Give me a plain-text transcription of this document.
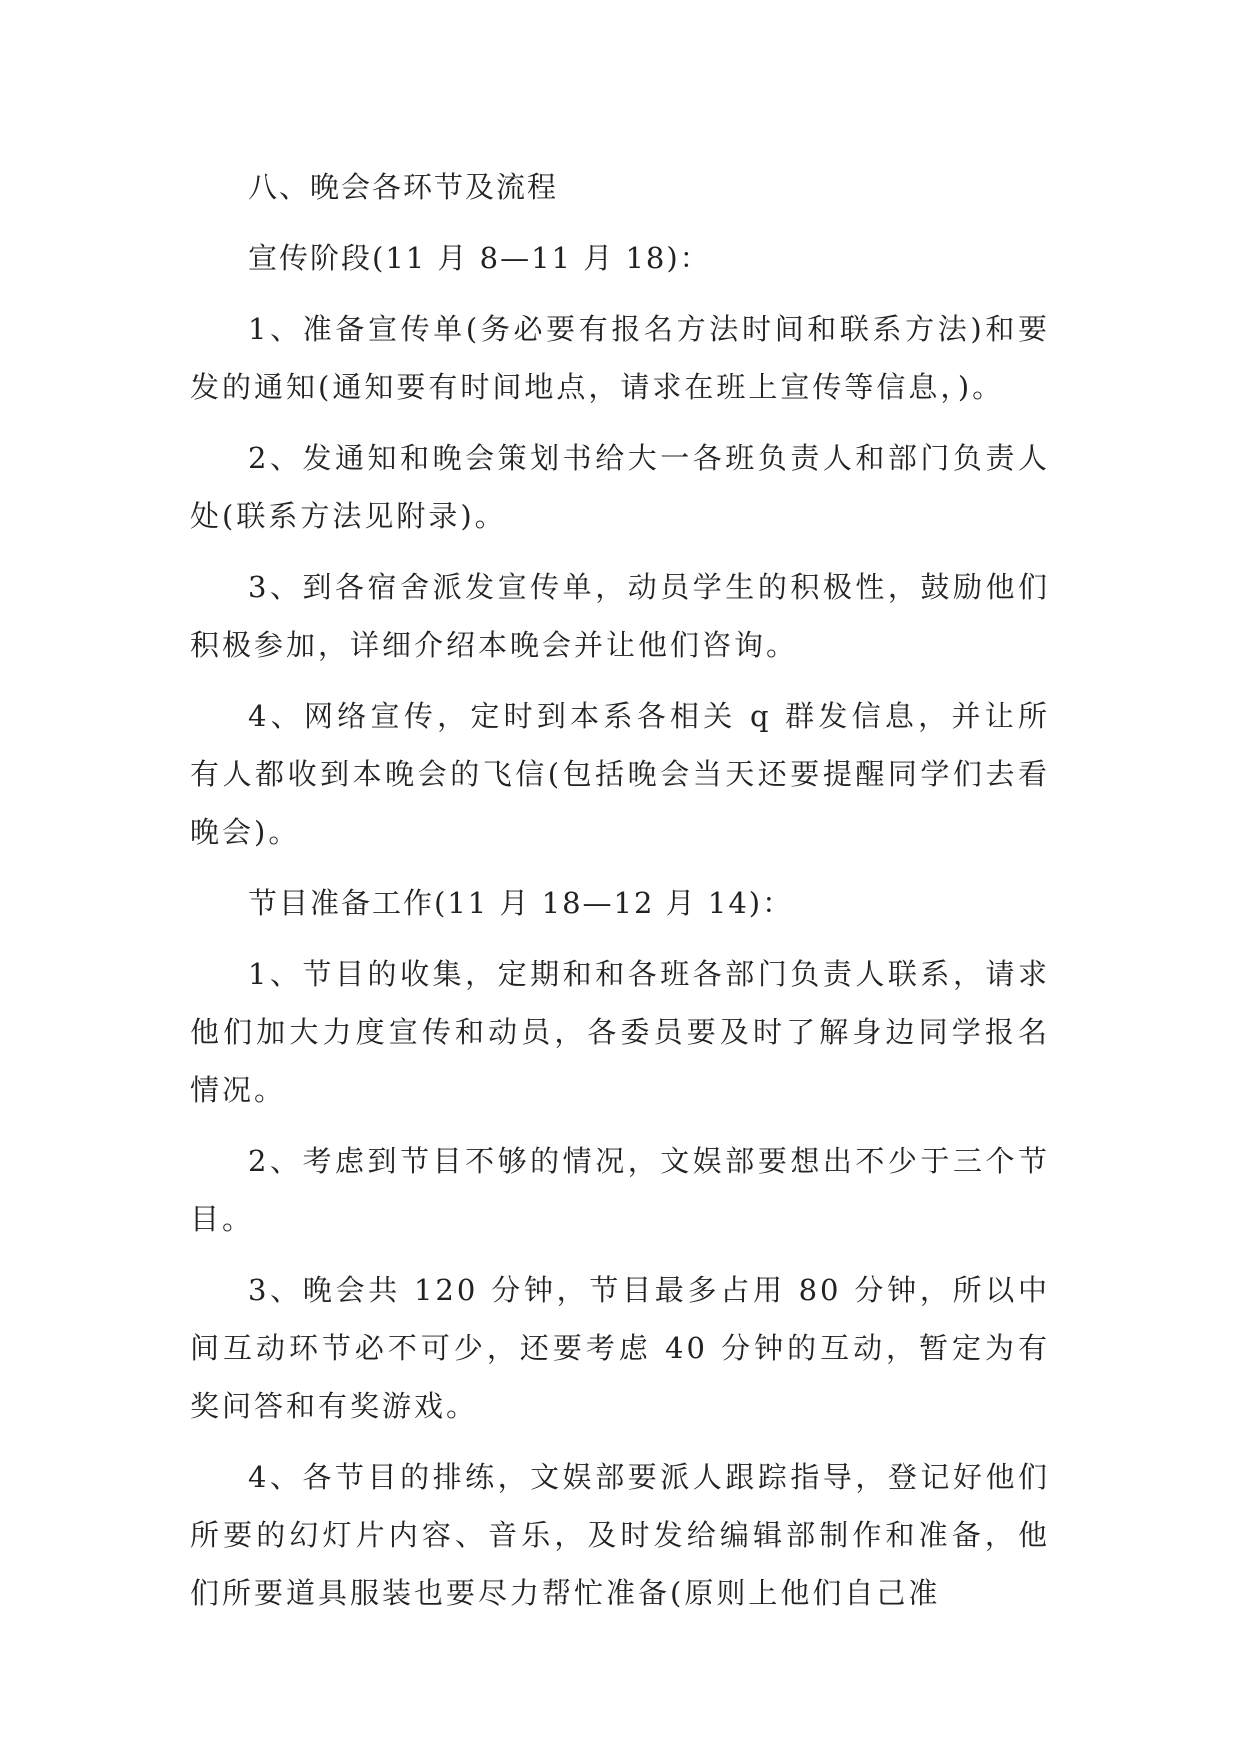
八、晚会各环节及流程

宣传阶段(11 月 8—11 月 18)：

1、准备宣传单(务必要有报名方法时间和联系方法)和要发的通知(通知要有时间地点，请求在班上宣传等信息，)。

2、发通知和晚会策划书给大一各班负责人和部门负责人处(联系方法见附录)。

3、到各宿舍派发宣传单，动员学生的积极性，鼓励他们积极参加，详细介绍本晚会并让他们咨询。

4、网络宣传，定时到本系各相关 q 群发信息，并让所有人都收到本晚会的飞信(包括晚会当天还要提醒同学们去看晚会)。

节目准备工作(11 月 18—12 月 14)：

1、节目的收集，定期和和各班各部门负责人联系，请求他们加大力度宣传和动员，各委员要及时了解身边同学报名情况。

2、考虑到节目不够的情况，文娱部要想出不少于三个节目。

3、晚会共 120 分钟，节目最多占用 80 分钟，所以中间互动环节必不可少，还要考虑 40 分钟的互动，暂定为有奖问答和有奖游戏。

4、各节目的排练，文娱部要派人跟踪指导，登记好他们所要的幻灯片内容、音乐，及时发给编辑部制作和准备，他们所要道具服装也要尽力帮忙准备(原则上他们自己准
